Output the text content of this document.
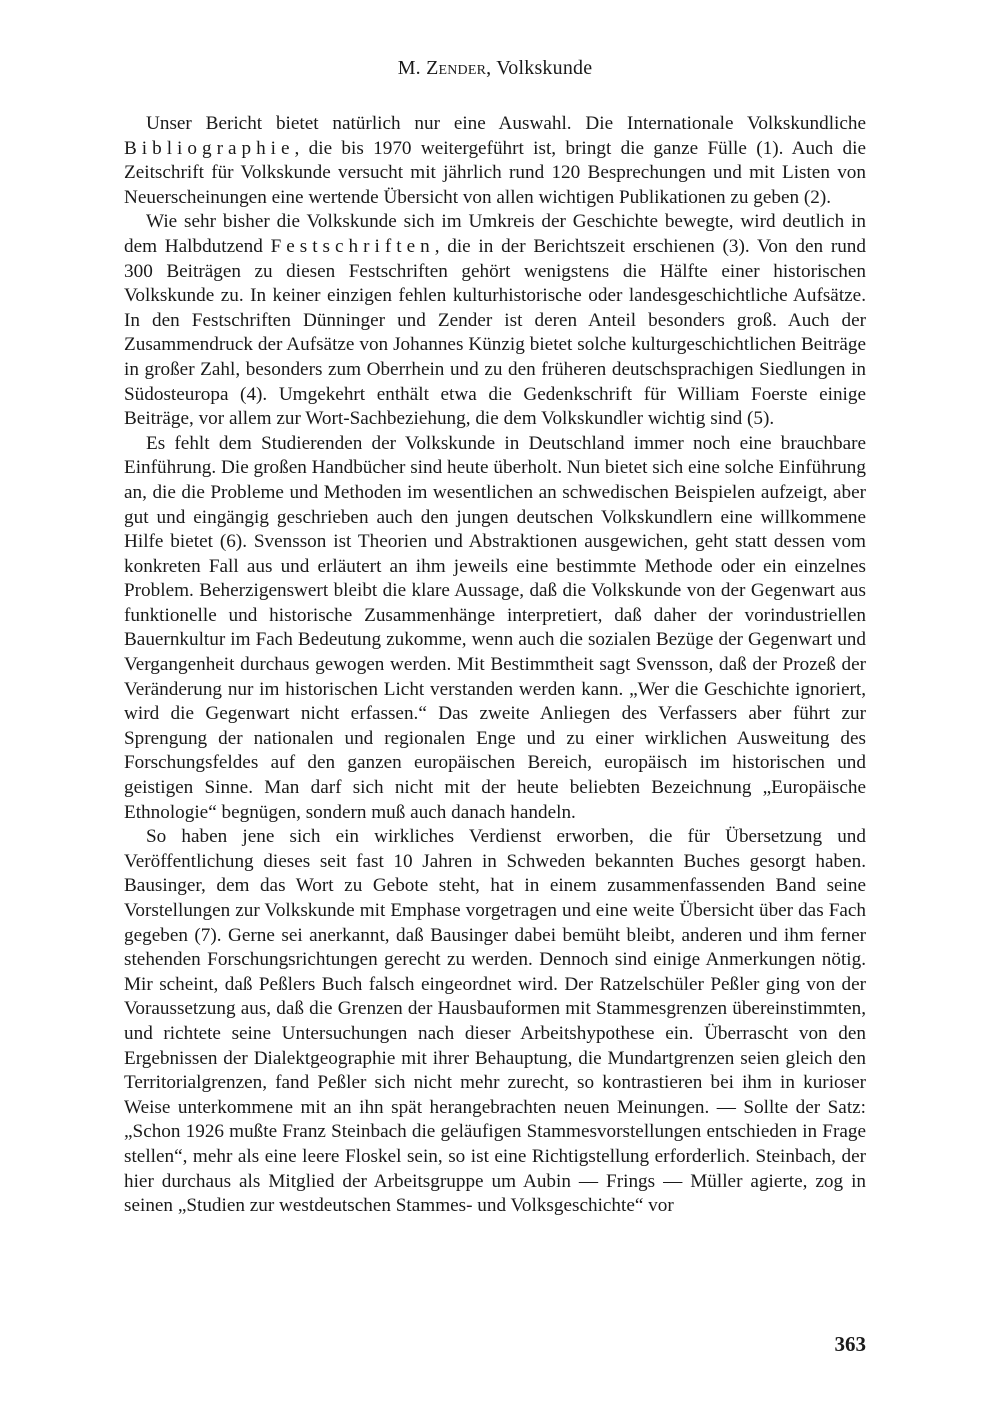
M. Zender, Volkskunde

Unser Bericht bietet natürlich nur eine Auswahl. Die Internationale Volkskundliche Bibliographie, die bis 1970 weitergeführt ist, bringt die ganze Fülle (1). Auch die Zeitschrift für Volkskunde versucht mit jährlich rund 120 Besprechungen und mit Listen von Neuerscheinungen eine wertende Übersicht von allen wichtigen Publikationen zu geben (2).

Wie sehr bisher die Volkskunde sich im Umkreis der Geschichte bewegte, wird deutlich in dem Halbdutzend Festschriften, die in der Berichtszeit erschienen (3). Von den rund 300 Beiträgen zu diesen Festschriften gehört wenigstens die Hälfte einer historischen Volkskunde zu. In keiner einzigen fehlen kulturhistorische oder landesgeschichtliche Aufsätze. In den Festschriften Dünninger und Zender ist deren Anteil besonders groß. Auch der Zusammendruck der Aufsätze von Johannes Künzig bietet solche kulturgeschichtlichen Beiträge in großer Zahl, besonders zum Oberrhein und zu den früheren deutschsprachigen Siedlungen in Südosteuropa (4). Umgekehrt enthält etwa die Gedenkschrift für William Foerste einige Beiträge, vor allem zur Wort-Sachbeziehung, die dem Volkskundler wichtig sind (5).

Es fehlt dem Studierenden der Volkskunde in Deutschland immer noch eine brauchbare Einführung. Die großen Handbücher sind heute überholt. Nun bietet sich eine solche Einführung an, die die Probleme und Methoden im wesentlichen an schwedischen Beispielen aufzeigt, aber gut und eingängig geschrieben auch den jungen deutschen Volkskundlern eine willkommene Hilfe bietet (6). Svensson ist Theorien und Abstraktionen ausgewichen, geht statt dessen vom konkreten Fall aus und erläutert an ihm jeweils eine bestimmte Methode oder ein einzelnes Problem. Beherzigenswert bleibt die klare Aussage, daß die Volkskunde von der Gegenwart aus funktionelle und historische Zusammenhänge interpretiert, daß daher der vorindustriellen Bauernkultur im Fach Bedeutung zukomme, wenn auch die sozialen Bezüge der Gegenwart und Vergangenheit durchaus gewogen werden. Mit Bestimmtheit sagt Svensson, daß der Prozeß der Veränderung nur im historischen Licht verstanden werden kann. „Wer die Geschichte ignoriert, wird die Gegenwart nicht erfassen.“ Das zweite Anliegen des Verfassers aber führt zur Sprengung der nationalen und regionalen Enge und zu einer wirklichen Ausweitung des Forschungsfeldes auf den ganzen europäischen Bereich, europäisch im historischen und geistigen Sinne. Man darf sich nicht mit der heute beliebten Bezeichnung „Europäische Ethnologie“ begnügen, sondern muß auch danach handeln.

So haben jene sich ein wirkliches Verdienst erworben, die für Übersetzung und Veröffentlichung dieses seit fast 10 Jahren in Schweden bekannten Buches gesorgt haben. Bausinger, dem das Wort zu Gebote steht, hat in einem zusammenfassenden Band seine Vorstellungen zur Volkskunde mit Emphase vorgetragen und eine weite Übersicht über das Fach gegeben (7). Gerne sei anerkannt, daß Bausinger dabei bemüht bleibt, anderen und ihm ferner stehenden Forschungsrichtungen gerecht zu werden. Dennoch sind einige Anmerkungen nötig. Mir scheint, daß Peßlers Buch falsch eingeordnet wird. Der Ratzelschüler Peßler ging von der Voraussetzung aus, daß die Grenzen der Hausbauformen mit Stammesgrenzen übereinstimmten, und richtete seine Untersuchungen nach dieser Arbeitshypothese ein. Überrascht von den Ergebnissen der Dialektgeographie mit ihrer Behauptung, die Mundartgrenzen seien gleich den Territorialgrenzen, fand Peßler sich nicht mehr zurecht, so kontrastieren bei ihm in kurioser Weise unterkommene mit an ihn spät herangebrachten neuen Meinungen. — Sollte der Satz: „Schon 1926 mußte Franz Steinbach die geläufigen Stammesvorstellungen entschieden in Frage stellen“, mehr als eine leere Floskel sein, so ist eine Richtigstellung erforderlich. Steinbach, der hier durchaus als Mitglied der Arbeitsgruppe um Aubin — Frings — Müller agierte, zog in seinen „Studien zur westdeutschen Stammes- und Volksgeschichte“ vor

363
